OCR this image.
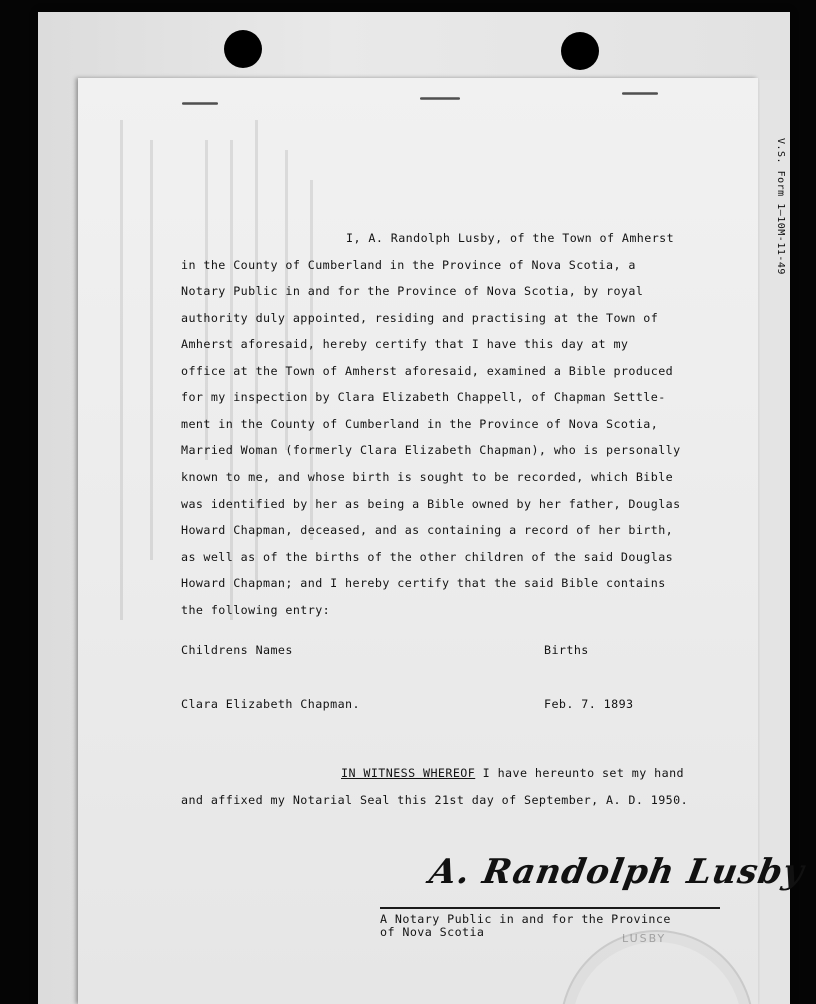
V.S. Form 1—10M-11-49
I, A. Randolph Lusby, of the Town of Amherst
in the County of Cumberland in the Province of Nova Scotia, a
Notary Public in and for the Province of Nova Scotia, by royal
authority duly appointed, residing and practising at the Town of
Amherst aforesaid, hereby certify that I have this day at my
office at the Town of Amherst aforesaid, examined a Bible produced
for my inspection by Clara Elizabeth Chappell, of Chapman Settle-
ment in the County of Cumberland in the Province of Nova Scotia,
Married Woman (formerly Clara Elizabeth Chapman), who is personally
known to me, and whose birth is sought to be recorded, which Bible
was identified by her as being a Bible owned by her father, Douglas
Howard Chapman, deceased, and as containing a record of her birth,
as well as of the births of the other children of the said Douglas
Howard Chapman; and I hereby certify that the said Bible contains
the following entry:
Childrens Names	Births
Clara Elizabeth Chapman.	Feb. 7. 1893
IN WITNESS WHEREOF I have hereunto set my hand
and affixed my Notarial Seal this 21st day of September, A. D. 1950.
A. Randolph Lusby
A Notary Public in and for the Province
of Nova Scotia	LUSBY
